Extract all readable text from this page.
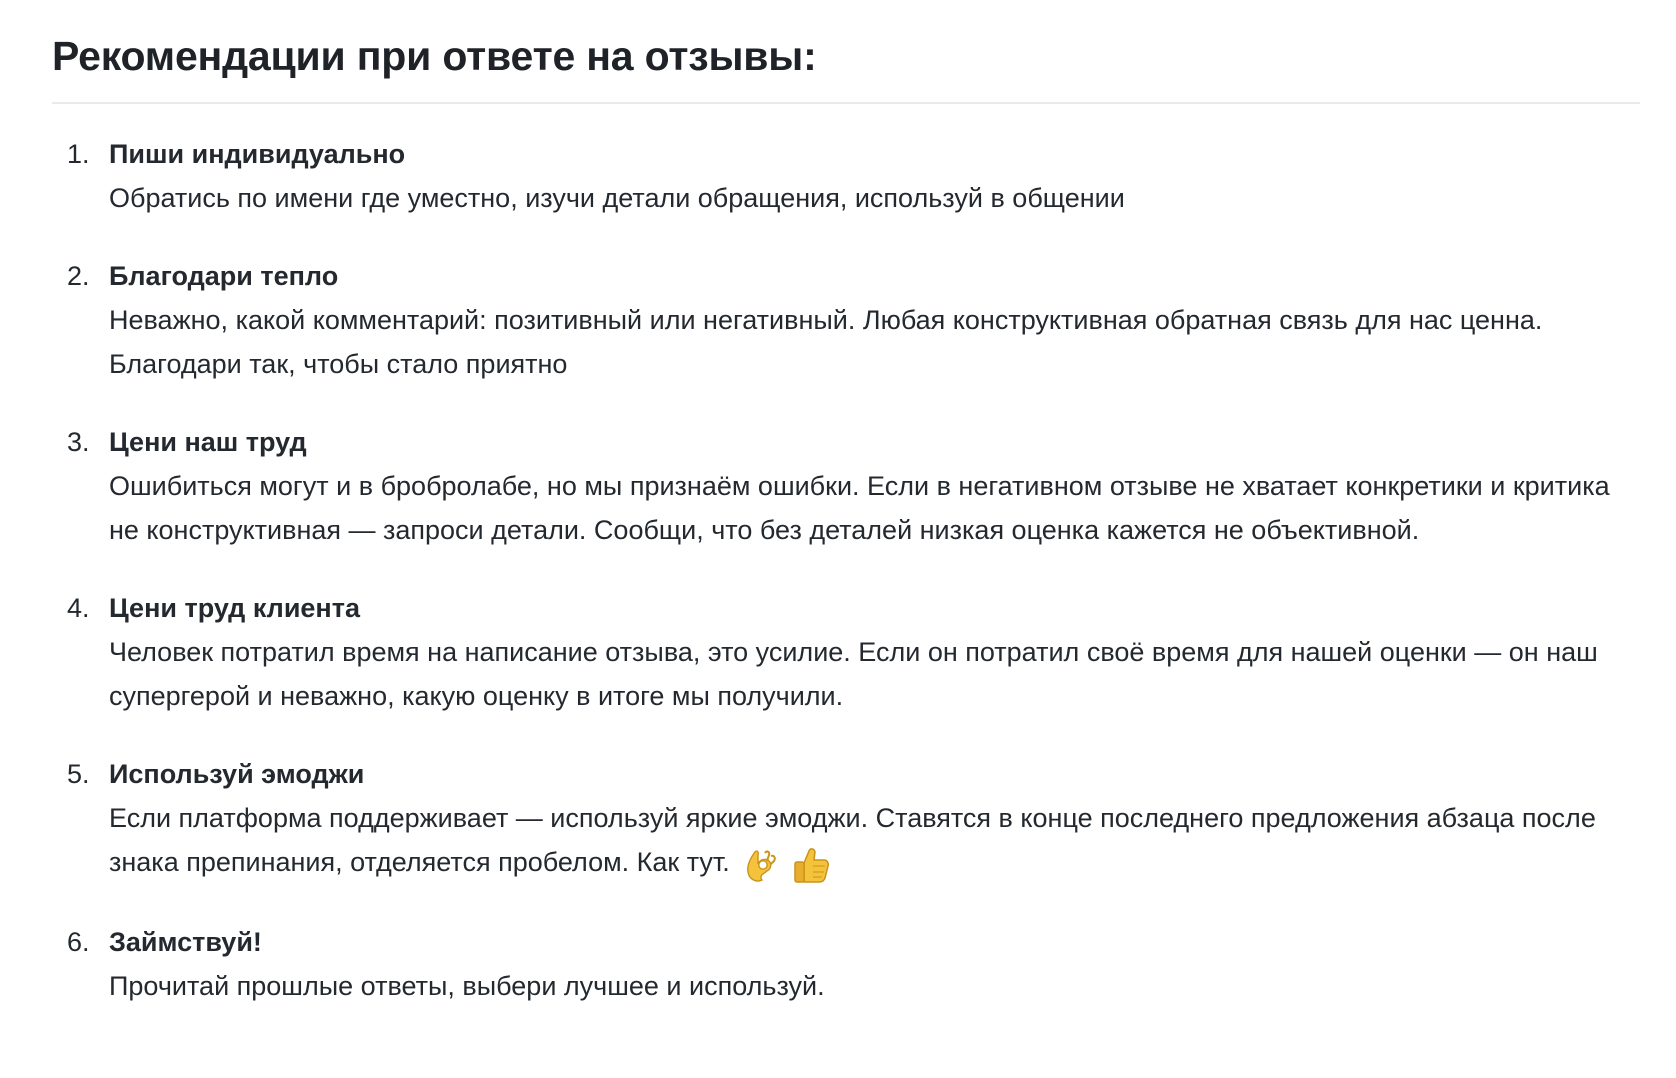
Рекомендации при ответе на отзывы:
1. Пиши индивидуально
Обратись по имени где уместно, изучи детали обращения, используй в общении
2. Благодари тепло
Неважно, какой комментарий: позитивный или негативный. Любая конструктивная обратная связь для нас ценна. Благодари так, чтобы стало приятно
3. Цени наш труд
Ошибиться могут и в бробролабе, но мы признаём ошибки. Если в негативном отзыве не хватает конкретики и критика не конструктивная — запроси детали. Сообщи, что без деталей низкая оценка кажется не объективной.
4. Цени труд клиента
Человек потратил время на написание отзыва, это усилие. Если он потратил своё время для нашей оценки — он наш супергерой и неважно, какую оценку в итоге мы получили.
5. Используй эмоджи
Если платформа поддерживает — используй яркие эмоджи. Ставятся в конце последнего предложения абзаца после знака препинания, отделяется пробелом. Как тут.
6. Займствуй!
Прочитай прошлые ответы, выбери лучшее и используй.
